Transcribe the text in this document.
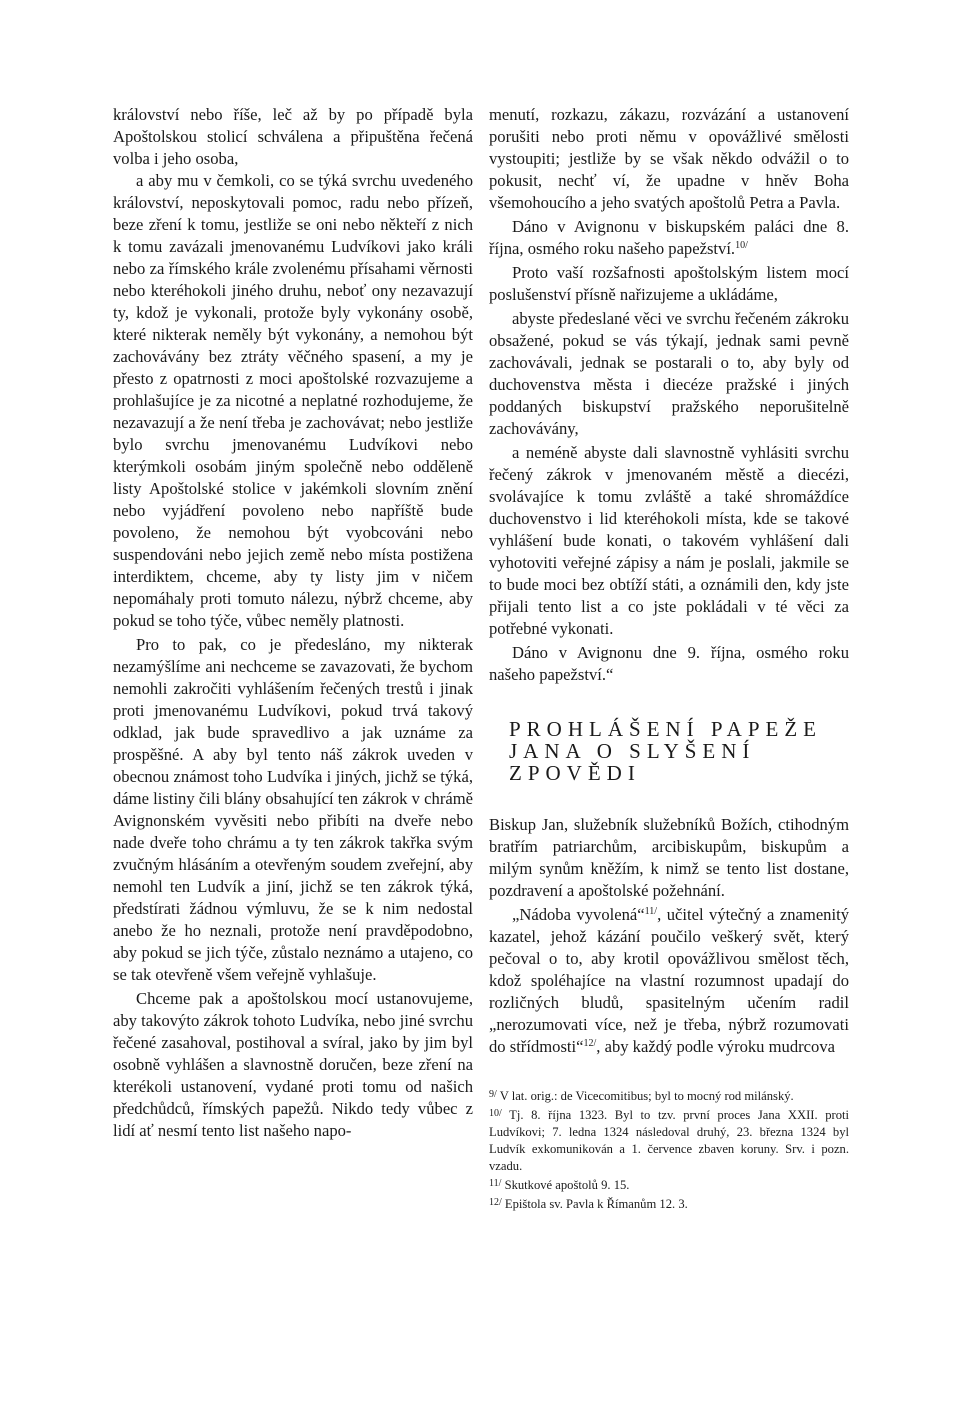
království nebo říše, leč až by po případě byla Apoštolskou stolicí schválena a připuštěna řečená volba i jeho osoba,

a aby mu v čemkoli, co se týká svrchu uvedeného království, neposkytovali pomoc, radu nebo přízeň, beze zření k tomu, jestliže se oni nebo někteří z nich k tomu zavázali jmenovanému Ludvíkovi jako králi nebo za římského krále zvolenému přísahami věrnosti nebo kteréhokoli jiného druhu, neboť ony nezavazují ty, kdož je vykonali, protože byly vykonány osobě, které nikterak neměly být vykonány, a nemohou být zachovávány bez ztráty věčného spasení, a my je přesto z opatrnosti z moci apoštolské rozvazujeme a prohlašujíce je za nicotné a neplatné rozhodujeme, že nezavazují a že není třeba je zachovávat; nebo jestliže bylo svrchu jmenovanému Ludvíkovi nebo kterýmkoli osobám jiným společně nebo odděleně listy Apoštolské stolice v jakémkoli slovním znění nebo vyjádření povoleno nebo napříště bude povoleno, že nemohou být vyobcováni nebo suspendováni nebo jejich země nebo místa postižena interdiktem, chceme, aby ty listy jim v ničem nepomáhaly proti tomuto nálezu, nýbrž chceme, aby pokud se toho týče, vůbec neměly platnosti.

Pro to pak, co je předesláno, my nikterak nezamýšlíme ani nechceme se zavazovati, že bychom nemohli zakročiti vyhlášením řečených trestů i jinak proti jmenovanému Ludvíkovi, pokud trvá takový odklad, jak bude spravedlivo a jak uznáme za prospěšné. A aby byl tento náš zákrok uveden v obecnou známost toho Ludvíka i jiných, jichž se týká, dáme listiny čili blány obsahující ten zákrok v chrámě Avignonském vyvěsiti nebo přibíti na dveře nebo nade dveře toho chrámu a ty ten zákrok takřka svým zvučným hlásáním a otevřeným soudem zveřejní, aby nemohl ten Ludvík a jiní, jichž se ten zákrok týká, předstírati žádnou výmluvu, že se k nim nedostal anebo že ho neznali, protože není pravděpodobno, aby pokud se jich týče, zůstalo neznámo a utajeno, co se tak otevřeně všem veřejně vyhlašuje.

Chceme pak a apoštolskou mocí ustanovujeme, aby takovýto zákrok tohoto Ludvíka, nebo jiné svrchu řečené zasahoval, postihoval a svíral, jako by jim byl osobně vyhlášen a slavnostně doručen, beze zření na kterékoli ustanovení, vydané proti tomu od našich předchůdců, římských papežů. Nikdo tedy vůbec z lidí ať nesmí tento list našeho napo-

menutí, rozkazu, zákazu, rozvázání a ustanovení porušiti nebo proti němu v opovážlivé smělosti vystoupiti; jestliže by se však někdo odvážil o to pokusit, nechť ví, že upadne v hněv Boha všemohoucího a jeho svatých apoštolů Petra a Pavla.

Dáno v Avignonu v biskupském paláci dne 8. října, osmého roku našeho papežství.$^{10/}$

Proto vaší rozšafnosti apoštolským listem mocí poslušenství přísně nařizujeme a ukládáme,

abyste předeslané věci ve svrchu řečeném zákroku obsažené, pokud se vás týkají, jednak sami pevně zachovávali, jednak se postarali o to, aby byly od duchovenstva města i diecéze pražské i jiných poddaných biskupství pražského neporušitelně zachovávány,

a neméně abyste dali slavnostně vyhlásiti svrchu řečený zákrok v jmenovaném městě a diecézi, svolávajíce k tomu zvláště a také shromáždíce duchovenstvo i lid kteréhokoli místa, kde se takové vyhlášení bude konati, o takovém vyhlášení dali vyhotoviti veřejné zápisy a nám je poslali, jakmile se to bude moci bez obtíží státi, a oznámili den, kdy jste přijali tento list a co jste pokládali v té věci za potřebné vykonati.

Dáno v Avignonu dne 9. října, osmého roku našeho papežství.“

PROHLÁŠENÍ PAPEŽE
JANA O SLYŠENÍ
ZPOVĚDI

Biskup Jan, služebník služebníků Božích, ctihodným bratřím patriarchům, arcibiskupům, biskupům a milým synům kněžím, k nimž se tento list dostane, pozdravení a apoštolské požehnání.

„Nádoba vyvolená“$^{11/}$, učitel výtečný a znamenitý kazatel, jehož kázání poučilo veškerý svět, který pečoval o to, aby krotil opovážlivou smělost těch, kdož spoléhajíce na vlastní rozumnost upadají do rozličných bludů, spasitelným učením radil „nerozumovati více, než je třeba, nýbrž rozumovati do střídmosti“$^{12/}$, aby každý podle výroku mudrcova

$^{9/}$ V lat. orig.: de Vicecomitibus; byl to mocný rod milánský.

$^{10/}$ Tj. 8. října 1323. Byl to tzv. první proces Jana XXII. proti Ludvíkovi; 7. ledna 1324 následoval druhý, 23. března 1324 byl Ludvík exkomunikován a 1. července zbaven koruny. Srv. i pozn. vzadu.

$^{11/}$ Skutkové apoštolů 9. 15.

$^{12/}$ Epištola sv. Pavla k Římanům 12. 3.
